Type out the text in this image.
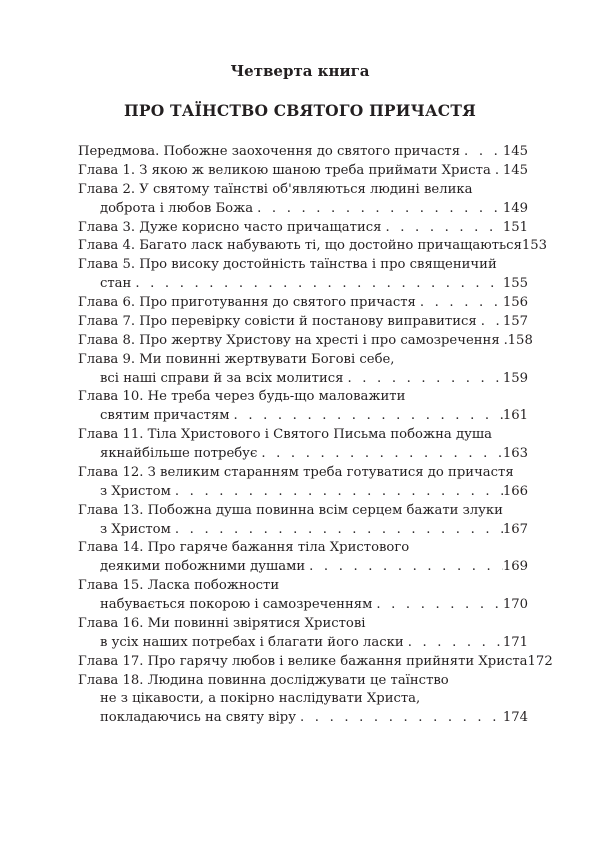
Четверта книга
ПРО ТАЇНСТВО СВЯТОГО ПРИЧАСТЯ
Передмова. Побожне заохочення до святого причастя . . .	145
Глава 1. З якою ж великою шаною треба приймати Христа . . . 145
Глава 2. У святому таїнстві об'являються людині велика
доброта і любов Божа . . .	149
Глава 3. Дуже корисно часто причащатися . . .	151
Глава 4. Багато ласк набувають ті, що достойно причащаються 153
Глава 5. Про високу достойність таїнства і про священичий
стан . . .	155
Глава 6. Про приготування до святого причастя . . .	156
Глава 7. Про перевірку совісти й постанову виправитися . . . 157
Глава 8. Про жертву Христову на хресті і про самозречення . . . 158
Глава 9. Ми повинні жертвувати Богові себе,
всі наші справи й за всіх молитися . . .	159
Глава 10. Не треба через будь-що маловажити
святим причастям . . .	161
Глава 11. Тіла Христового і Святого Письма побожна душа
якнайбільше потребує . . .	163
Глава 12. З великим старанням треба готуватися до причастя
з Христом . . .	166
Глава 13. Побожна душа повинна всім серцем бажати злуки
з Христом . . .	167
Глава 14. Про гаряче бажання тіла Христового
деякими побожними душами . . .	169
Глава 15. Ласка побожности
набувається покорою і самозреченням . . .	170
Глава 16. Ми повинні звірятися Христові
в усіх наших потребах і благати його ласки . . .	171
Глава 17. Про гарячу любов і велике бажання прийняти Христа 172
Глава 18. Людина повинна досліджувати це таїнство
не з цікавости, а покірно наслідувати Христа,
покладаючись на святу віру . . .	174
